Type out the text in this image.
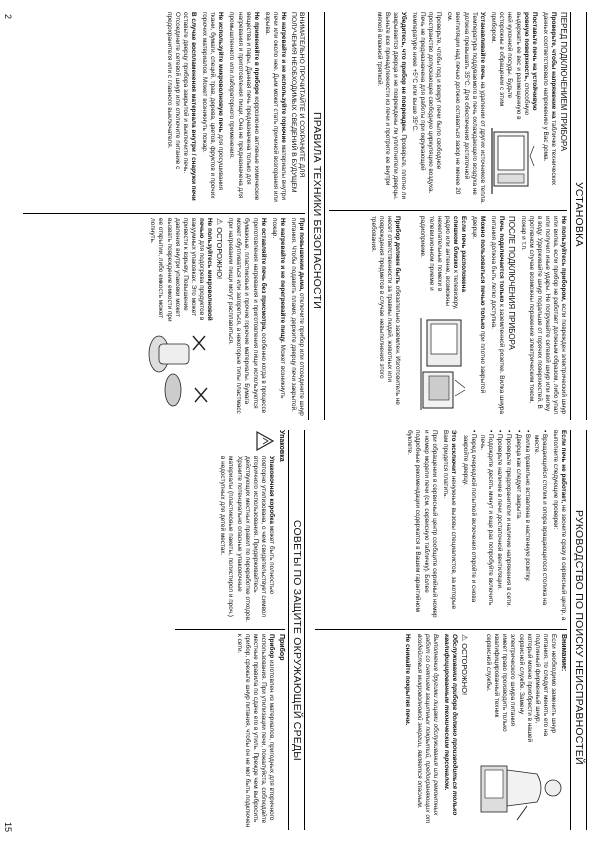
УСТАНОВКА
ПЕРЕД ПОДКЛЮЧЕНИЕМ ПРИБОРА

Проверьте, чтобы напряжение на табличке технических данных соответствовало напряжению у Вас дома.

Поставьте печь на устойчивую ровную поверхность, способную выдержать ее вес и размещенную в ней кухонной посуды. Будьте осторожны в обращении с этим прибором.

Устанавливайте печь на удалении от других источников тепла. Температура поддуваемого в печь охлаждающего воздуха не должна превышать 35°C. Для обеспечения достаточной вентиляции над печью должно оставаться зазор не менее 20 см.

Проверьте, чтобы под и вокруг печи было свободное пространство допускающее свободную циркуляцию воздуха. Печь не предназначена для работы при окружающей температуре ниже +5°C или выше 35°C.

Убедитесь, что прибор не поврежден. Проверьте, плотно ли закрывается дверца и не повреждены ли уплотнители дверцы. Выньте все принадлежности из печи и протрите ее внутри мягкой влажной тряпкой.

Не пользуйтесь прибором, если поврежден электрический шнур или вилка, если прибор не работает должным образом, либо упал или получил иные удары. Не погружайте сетевой шнур или вилку в воду. Удерживайте шнур подальше от горячих поверхностей. В противном случае возможны поражение электрическим током, пожар и т.п.

ПОСЛЕ ПОДКЛЮЧЕНИЯ ПРИБОРА

Печь подключается только к заземленной розетке. Вилка шнура питания должна быть легко доступна.

Можно пользоваться печью только при плотно закрытой дверце.

Если печь расположена слишком близко к телевизору, радио или антенне, возможны нежелательные помехи в телевизионном приеме и радиоприеме.

Прибор должен быть обязательно заземлен. Изготовитель не несет ответственности за травмы людей, животных или повреждения предметов в случае невыполнения этого требования.

ПРАВИЛА ТЕХНИКИ БЕЗОПАСНОСТИ
ВНИМАТЕЛЬНО ПРОЧИТАЙТЕ И СОХРАНИТЕ ДЛЯ ПОЛУЧЕНИЯ НЕОБХОДИМЫХ СВЕДЕНИЙ В БУДУЩЕМ

Не нагревайте и не используйте горючие материалы внутри печи или около нее. Дым может стать причиной возгорания или взрыва.

Не применяйте в приборе коррозионно активные химические вещества и пары. Данная печь предназначена только для нагревания и приготовления пищи. Она не предназначена для промышленного или лабораторного применения.

Не используйте микроволновую печь для просушивания ткани, бумаги, специй, трав, дерева, цветов, фруктов и прочих горючих материалов. Может возникнуть пожар.

В случае воспламенения материала внутри / снаружи печи оставьте дверцу прибора закрытой и выключите печь. Отсоедините сетевой шнур или отключите питание с предохранителя или с главного выключателя.

При повышении дыма, отключите прибор или отсоедините шнур питания. Чтобы подавить пламя, держите дверцу печи закрытой.

Не нагревайте и не перегревайте пищу. Может возникнуть пожар.

Не оставляйте печь без присмотра, особенно когда в процессе приготовления нагревания и приготовления пищи используются бумажные, пластиковые и прочие горючие материалы. Бумага может обугливаться или загореться, а некоторые типы пластмасс при нагревании пищи могут расплавиться.

⚠ ОСТОРОЖНО!

Не пользуйтесь микроволновой печью для подогрева продуктов в вакуумных упаковках. Это может привести к взрыву. Повышение давления внутри упаковки может вызвать повреждение емкости при ее открытии, либо емкость может лопнуть.

РУКОВОДСТВО ПО ПОИСКУ НЕИСПРАВНОСТЕЙ

Если печь не работает, не звоните сразу в сервисный центр, а выполните следующие проверки:

• Вращающийся столик и опора вращающегося столика на месте.
• Вилка правильно вставлена в настенную розетку.
• Дверца как следует закрыта.
• Проверьте предохранители и наличие напряжения в сети.
• Проверьте наличие в печи достаточной вентиляции.
• Подождите десять минут и еще раз попробуйте включить печь.
• Перед очередной попыткой включения откройте и снова закройте дверцу.

Это исключит ненужные вызовы специалистов, за которые Вам придется платить.

При обращении в сервисный центр сообщите серийный номер и номер модели печи (см. сервисную табличку). Более подробные рекомендации содержатся в Вашем гарантийном буклете.

Внимание:

Если необходимо заменить шнур питания, то следует менять его на подлинный фирменный шнур, который можно приобрести в нашей сервисной службе. Замену электрического шнура питания имеет право производить только квалифицированный техник сервисной службы.

⚠ ОСТОРОЖНО!

Обслуживание прибора должно производиться только квалифицированным техническим персоналом.

Выполнение другими лицами обслуживания или ремонтных работ со снятием защитных покрытий, предохраняющих от воздействия микроволновой энергии, является опасным.

Не снимайте покрытия печи.

СОВЕТЫ ПО ЗАЩИТЕ ОКРУЖАЮЩЕЙ СРЕДЫ
Упаковка

Упаковочная коробка может быть полностью повторно утилизована, о чем свидетельствует символ вторичного использования. Придерживайтесь действующих местных правил по переработке отходов. Храните потенциально опасные упаковочные материалы (пластиковые пакеты, полистирол и проч.) в недоступных для детей местах.

Прибор

Прибор изготовлен из материалов, пригодных для вторичного использования. При утилизации печи, пожалуйста, соблюдайте местные правила по сдаче его в утиль. Прежде чем выбросить прибор, срежьте шнур питания, чтобы он не мог быть подключен к сети.

2
15
